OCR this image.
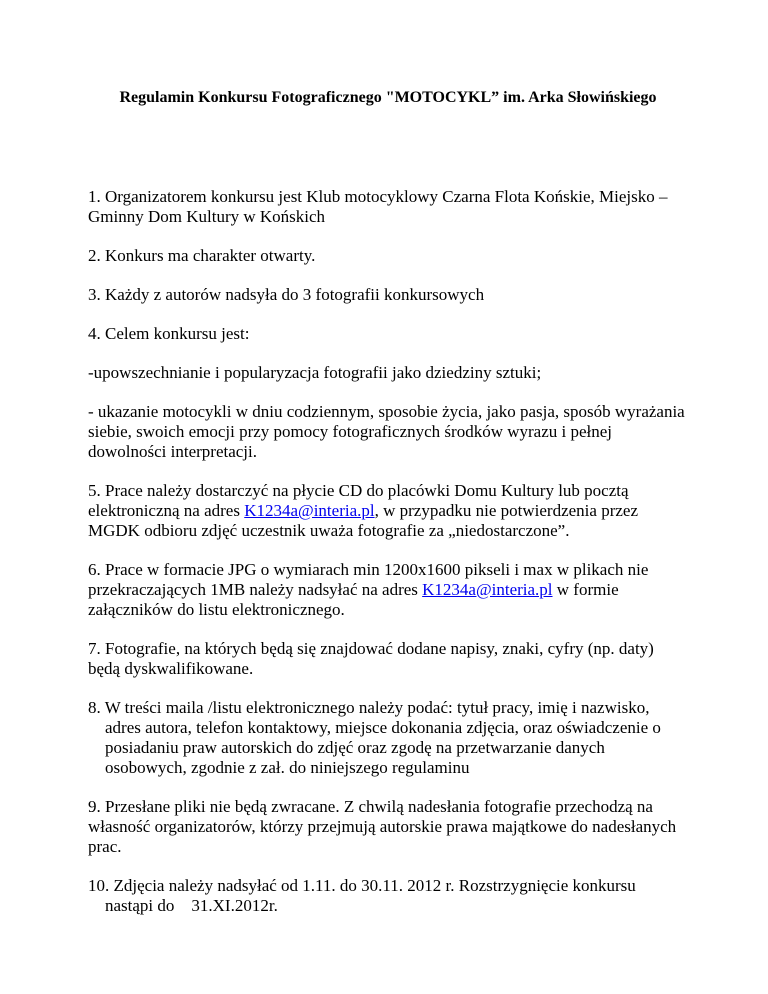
Regulamin Konkursu Fotograficznego "MOTOCYKL” im. Arka Słowińskiego
1. Organizatorem konkursu jest Klub motocyklowy Czarna Flota Końskie, Miejsko – Gminny Dom Kultury w Końskich
2. Konkurs ma charakter otwarty.
3. Każdy z autorów nadsyła do 3 fotografii konkursowych
4. Celem konkursu jest:
-upowszechnianie i popularyzacja fotografii jako dziedziny sztuki;
- ukazanie motocykli w dniu codziennym, sposobie życia, jako pasja, sposób wyrażania siebie, swoich emocji przy pomocy fotograficznych środków wyrazu i pełnej dowolności interpretacji.
5. Prace należy dostarczyć na płycie CD do placówki Domu Kultury lub pocztą elektroniczną na adres K1234a@interia.pl, w przypadku nie potwierdzenia przez MGDK odbioru zdjęć uczestnik uważa fotografie za „niedostarczone”.
6. Prace w formacie JPG o wymiarach min 1200x1600 pikseli i max w plikach nie przekraczających 1MB należy nadsyłać na adres K1234a@interia.pl w formie załączników do listu elektronicznego.
7. Fotografie, na których będą się znajdować dodane napisy, znaki, cyfry (np. daty) będą dyskwalifikowane.
8. W treści maila /listu elektronicznego należy podać: tytuł pracy, imię i nazwisko, adres autora, telefon kontaktowy, miejsce dokonania zdjęcia, oraz oświadczenie o posiadaniu praw autorskich do zdjęć oraz zgodę na przetwarzanie danych osobowych, zgodnie z zał. do niniejszego regulaminu
9. Przesłane pliki nie będą zwracane. Z chwilą nadesłania fotografie przechodzą na własność organizatorów, którzy przejmują autorskie prawa majątkowe do nadesłanych prac.
10. Zdjęcia należy nadsyłać od 1.11. do 30.11. 2012 r. Rozstrzygnięcie konkursu nastąpi do    31.XI.2012r.
